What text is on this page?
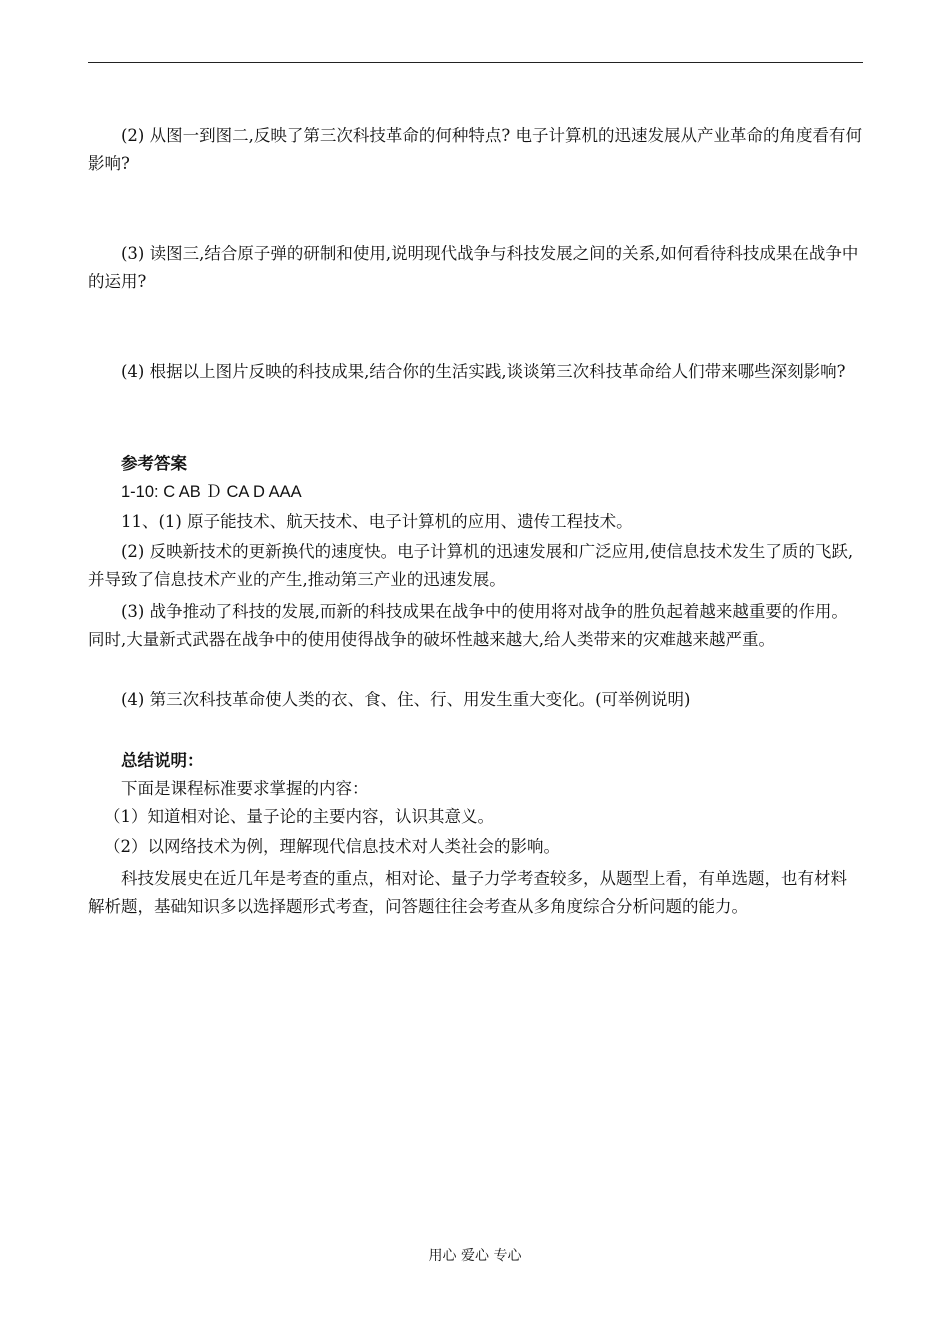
(2) 从图一到图二,反映了第三次科技革命的何种特点? 电子计算机的迅速发展从产业革命的角度看有何影响?

(3) 读图三,结合原子弹的研制和使用,说明现代战争与科技发展之间的关系,如何看待科技成果在战争中的运用?

(4) 根据以上图片反映的科技成果,结合你的生活实践,谈谈第三次科技革命给人们带来哪些深刻影响?

参考答案

1-10: C AB Ｄ CA D AAA

11、(1) 原子能技术、航天技术、电子计算机的应用、遗传工程技术。

(2) 反映新技术的更新换代的速度快。电子计算机的迅速发展和广泛应用,使信息技术发生了质的飞跃,并导致了信息技术产业的产生,推动第三产业的迅速发展。

(3) 战争推动了科技的发展,而新的科技成果在战争中的使用将对战争的胜负起着越来越重要的作用。同时,大量新式武器在战争中的使用使得战争的破坏性越来越大,给人类带来的灾难越来越严重。

(4) 第三次科技革命使人类的衣、食、住、行、用发生重大变化。(可举例说明)

总结说明：

下面是课程标准要求掌握的内容：

（1）知道相对论、量子论的主要内容，认识其意义。

（2）以网络技术为例，理解现代信息技术对人类社会的影响。

科技发展史在近几年是考查的重点，相对论、量子力学考查较多，从题型上看，有单选题，也有材料解析题，基础知识多以选择题形式考查，问答题往往会考查从多角度综合分析问题的能力。

用心 爱心 专心
